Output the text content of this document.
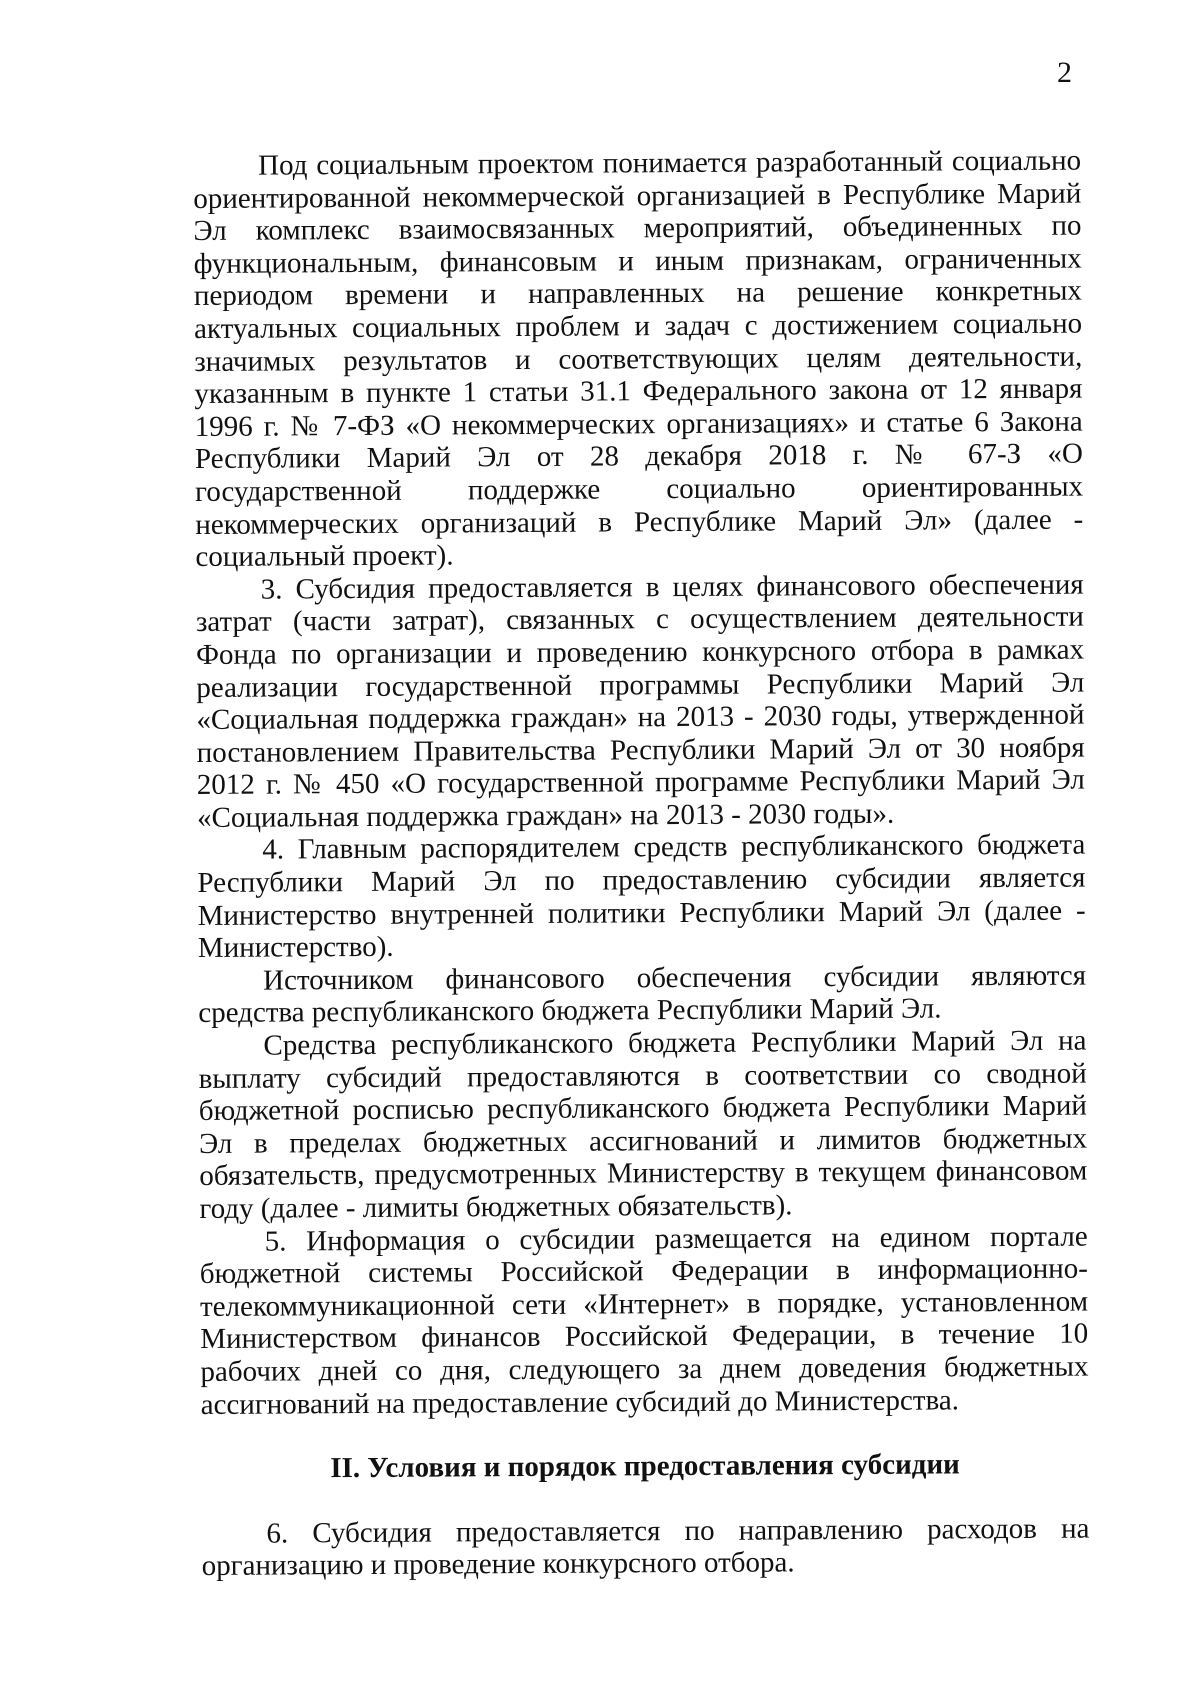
2

Под социальным проектом понимается разработанный социально ориентированной некоммерческой организацией в Республике Марий Эл комплекс взаимосвязанных мероприятий, объединенных по функциональным, финансовым и иным признакам, ограниченных периодом времени и направленных на решение конкретных актуальных социальных проблем и задач с достижением социально значимых результатов и соответствующих целям деятельности, указанным в пункте 1 статьи 31.1 Федерального закона от 12 января 1996 г. № 7-ФЗ «О некоммерческих организациях» и статье 6 Закона Республики Марий Эл от 28 декабря 2018 г. № 67-З «О государственной поддержке социально ориентированных некоммерческих организаций в Республике Марий Эл» (далее - социальный проект).

3. Субсидия предоставляется в целях финансового обеспечения затрат (части затрат), связанных с осуществлением деятельности Фонда по организации и проведению конкурсного отбора в рамках реализации государственной программы Республики Марий Эл «Социальная поддержка граждан» на 2013 - 2030 годы, утвержденной постановлением Правительства Республики Марий Эл от 30 ноября 2012 г. № 450 «О государственной программе Республики Марий Эл «Социальная поддержка граждан» на 2013 - 2030 годы».

4. Главным распорядителем средств республиканского бюджета Республики Марий Эл по предоставлению субсидии является Министерство внутренней политики Республики Марий Эл (далее - Министерство).

Источником финансового обеспечения субсидии являются средства республиканского бюджета Республики Марий Эл.

Средства республиканского бюджета Республики Марий Эл на выплату субсидий предоставляются в соответствии со сводной бюджетной росписью республиканского бюджета Республики Марий Эл в пределах бюджетных ассигнований и лимитов бюджетных обязательств, предусмотренных Министерству в текущем финансовом году (далее - лимиты бюджетных обязательств).

5. Информация о субсидии размещается на едином портале бюджетной системы Российской Федерации в информационно-телекоммуникационной сети «Интернет» в порядке, установленном Министерством финансов Российской Федерации, в течение 10 рабочих дней со дня, следующего за днем доведения бюджетных ассигнований на предоставление субсидий до Министерства.

II. Условия и порядок предоставления субсидии

6. Субсидия предоставляется по направлению расходов на организацию и проведение конкурсного отбора.
